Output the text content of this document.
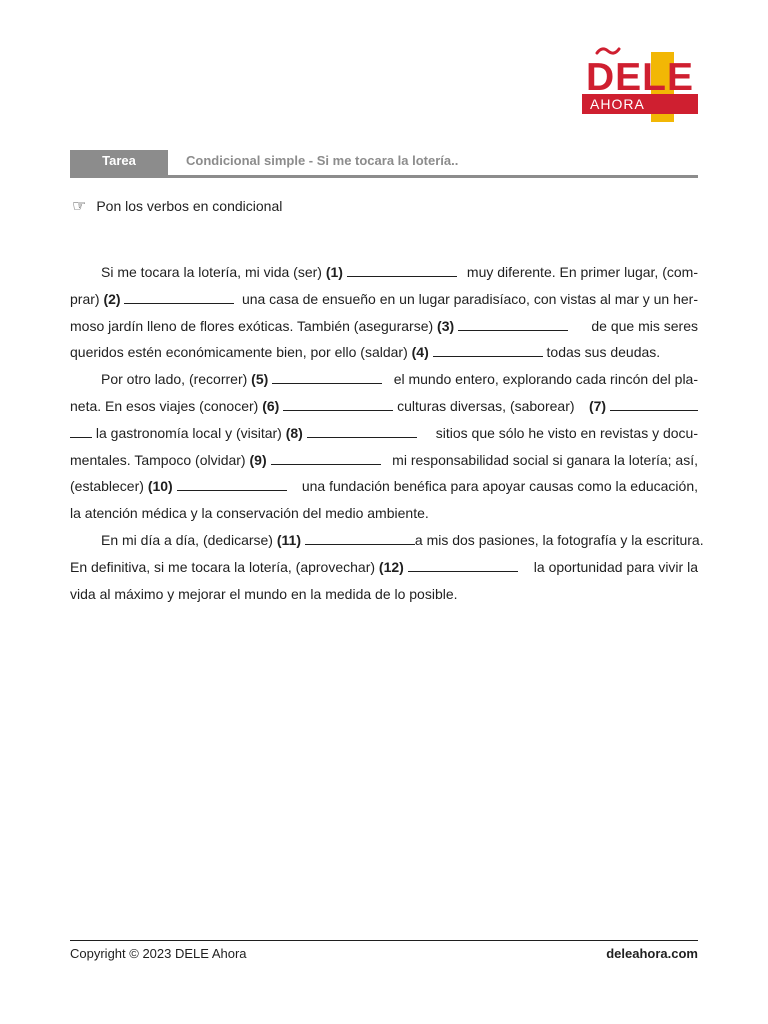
DELE
AHORA
Tarea	Condicional simple - Si me tocara la lotería..
☞ Pon los verbos en condicional
Si me tocara la lotería, mi vida (ser) (1)	muy diferente. En primer lugar, (com-
prar) (2)	una casa de ensueño en un lugar paradisíaco, con vistas al mar y un her-
moso jardín lleno de flores exóticas. También (asegurarse) (3)	de que mis seres
queridos estén económicamente bien, por ello (saldar) (4)	todas sus deudas.
Por otro lado, (recorrer) (5)	el mundo entero, explorando cada rincón del pla-
neta. En esos viajes (conocer) (6)	culturas diversas, (saborear) (7)
la gastronomía local y (visitar) (8)	sitios que sólo he visto en revistas y docu-
mentales. Tampoco (olvidar) (9)	mi responsabilidad social si ganara la lotería; así,
(establecer) (10)	una fundación benéfica para apoyar causas como la educación,
la atención médica y la conservación del medio ambiente.
En mi día a día, (dedicarse) (11)	a mis dos pasiones, la fotografía y la escritura.
En definitiva, si me tocara la lotería, (aprovechar) (12)	la oportunidad para vivir la
vida al máximo y mejorar el mundo en la medida de lo posible.
Copyright © 2023 DELE Ahora	deleahora.com
